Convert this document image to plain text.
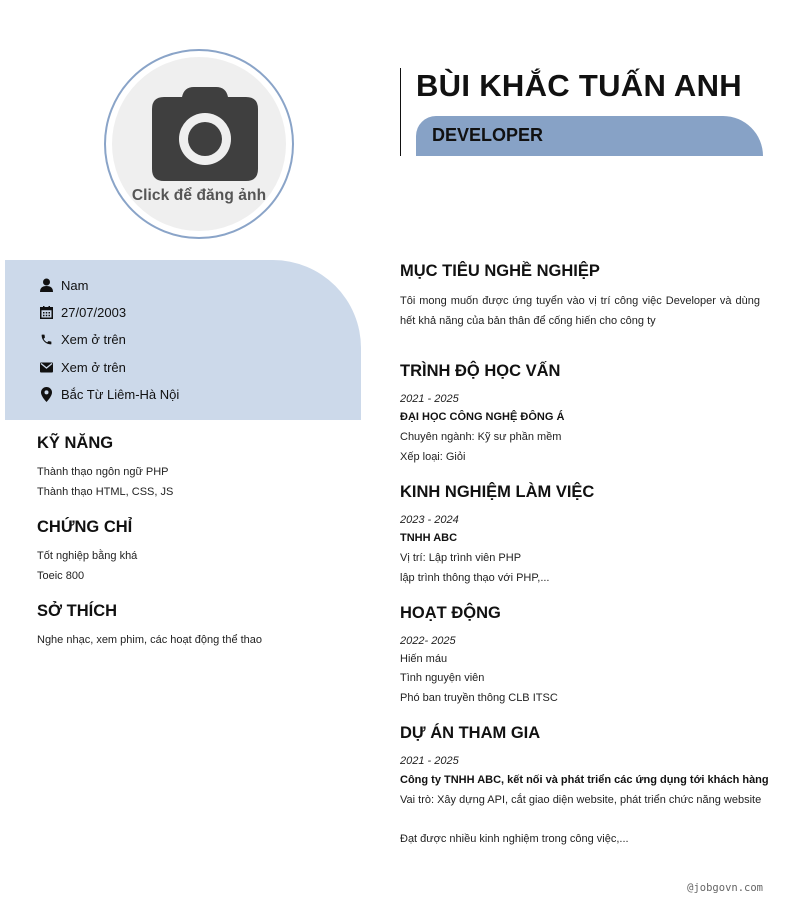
Click để đăng ảnh
BÙI KHẮC TUẤN ANH
DEVELOPER
Nam
27/07/2003
Xem ở trên
Xem ở trên
Bắc Từ Liêm-Hà Nội
KỸ NĂNG
Thành thạo ngôn ngữ PHP
Thành thạo HTML, CSS, JS
CHỨNG CHỈ
Tốt nghiệp bằng khá
Toeic 800
SỞ THÍCH
Nghe nhạc, xem phim, các hoạt động thể thao
MỤC TIÊU NGHỀ NGHIỆP
Tôi mong muốn được ứng tuyển vào vị trí công việc Developer và dùng hết khả năng của bản thân để cống hiến cho công ty
TRÌNH ĐỘ HỌC VẤN
2021 - 2025
ĐẠI HỌC CÔNG NGHỆ ĐÔNG Á
Chuyên ngành: Kỹ sư phần mềm
Xếp loại: Giỏi
KINH NGHIỆM LÀM VIỆC
2023 - 2024
TNHH ABC
Vị trí: Lập trình viên PHP
lập trình thông thạo với PHP,...
HOẠT ĐỘNG
2022- 2025
Hiến máu
Tình nguyện viên
Phó ban truyền thông CLB ITSC
DỰ ÁN THAM GIA
2021 - 2025
Công ty TNHH ABC, kết nối và phát triển các ứng dụng tới khách hàng
Vai trò: Xây dựng API, cắt giao diện website, phát triển chức năng website
Đạt được nhiều kinh nghiệm trong công việc,...
@jobgovn.com
